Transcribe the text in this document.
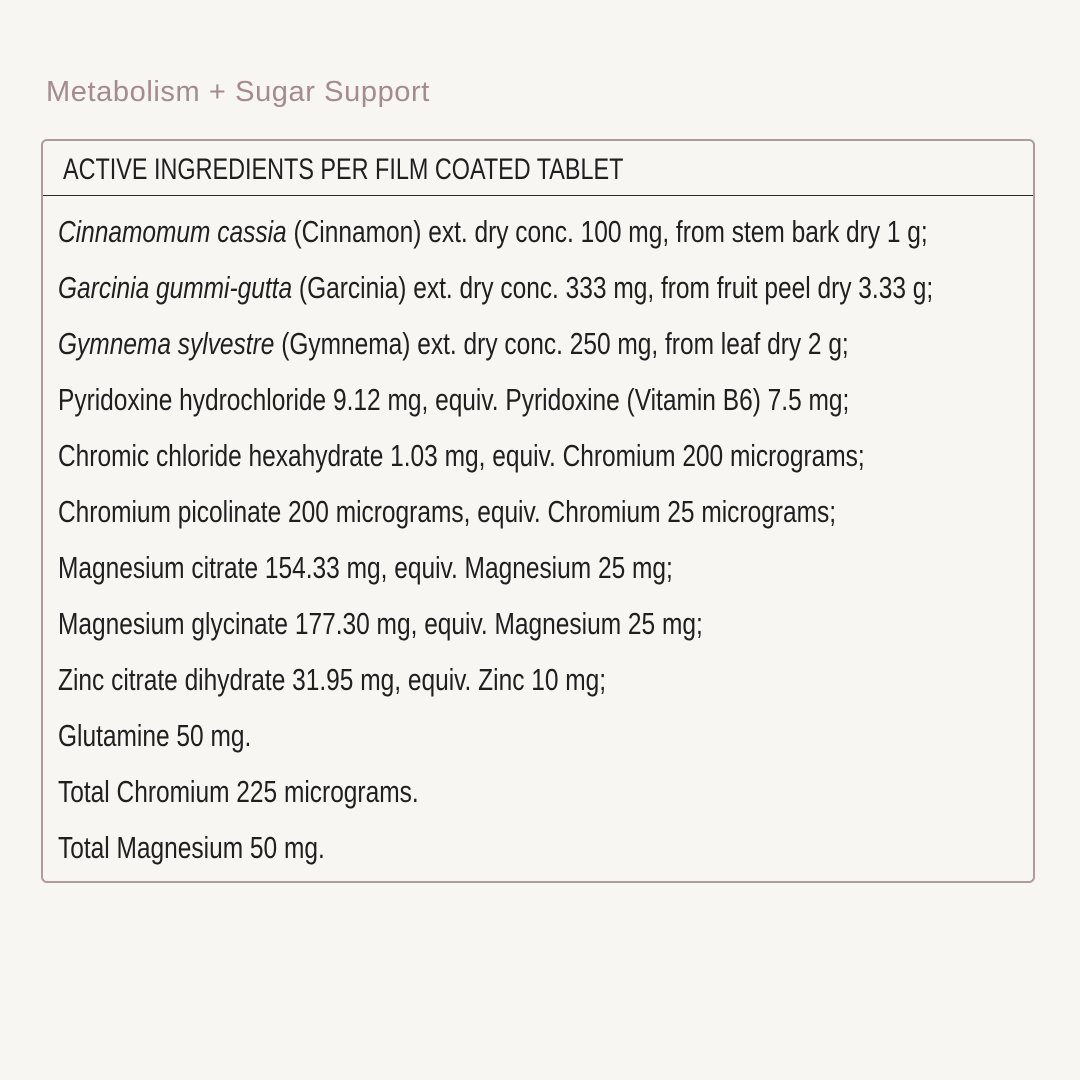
Metabolism + Sugar Support
ACTIVE INGREDIENTS PER FILM COATED TABLET
Cinnamomum cassia (Cinnamon) ext. dry conc. 100 mg, from stem bark dry 1 g;
Garcinia gummi-gutta (Garcinia) ext. dry conc. 333 mg, from fruit peel dry 3.33 g;
Gymnema sylvestre (Gymnema) ext. dry conc. 250 mg, from leaf dry 2 g;
Pyridoxine hydrochloride 9.12 mg, equiv. Pyridoxine (Vitamin B6) 7.5 mg;
Chromic chloride hexahydrate 1.03 mg, equiv. Chromium 200 micrograms;
Chromium picolinate 200 micrograms, equiv. Chromium 25 micrograms;
Magnesium citrate 154.33 mg, equiv. Magnesium 25 mg;
Magnesium glycinate 177.30 mg, equiv. Magnesium 25 mg;
Zinc citrate dihydrate 31.95 mg, equiv. Zinc 10 mg;
Glutamine 50 mg.
Total Chromium 225 micrograms.
Total Magnesium 50 mg.
